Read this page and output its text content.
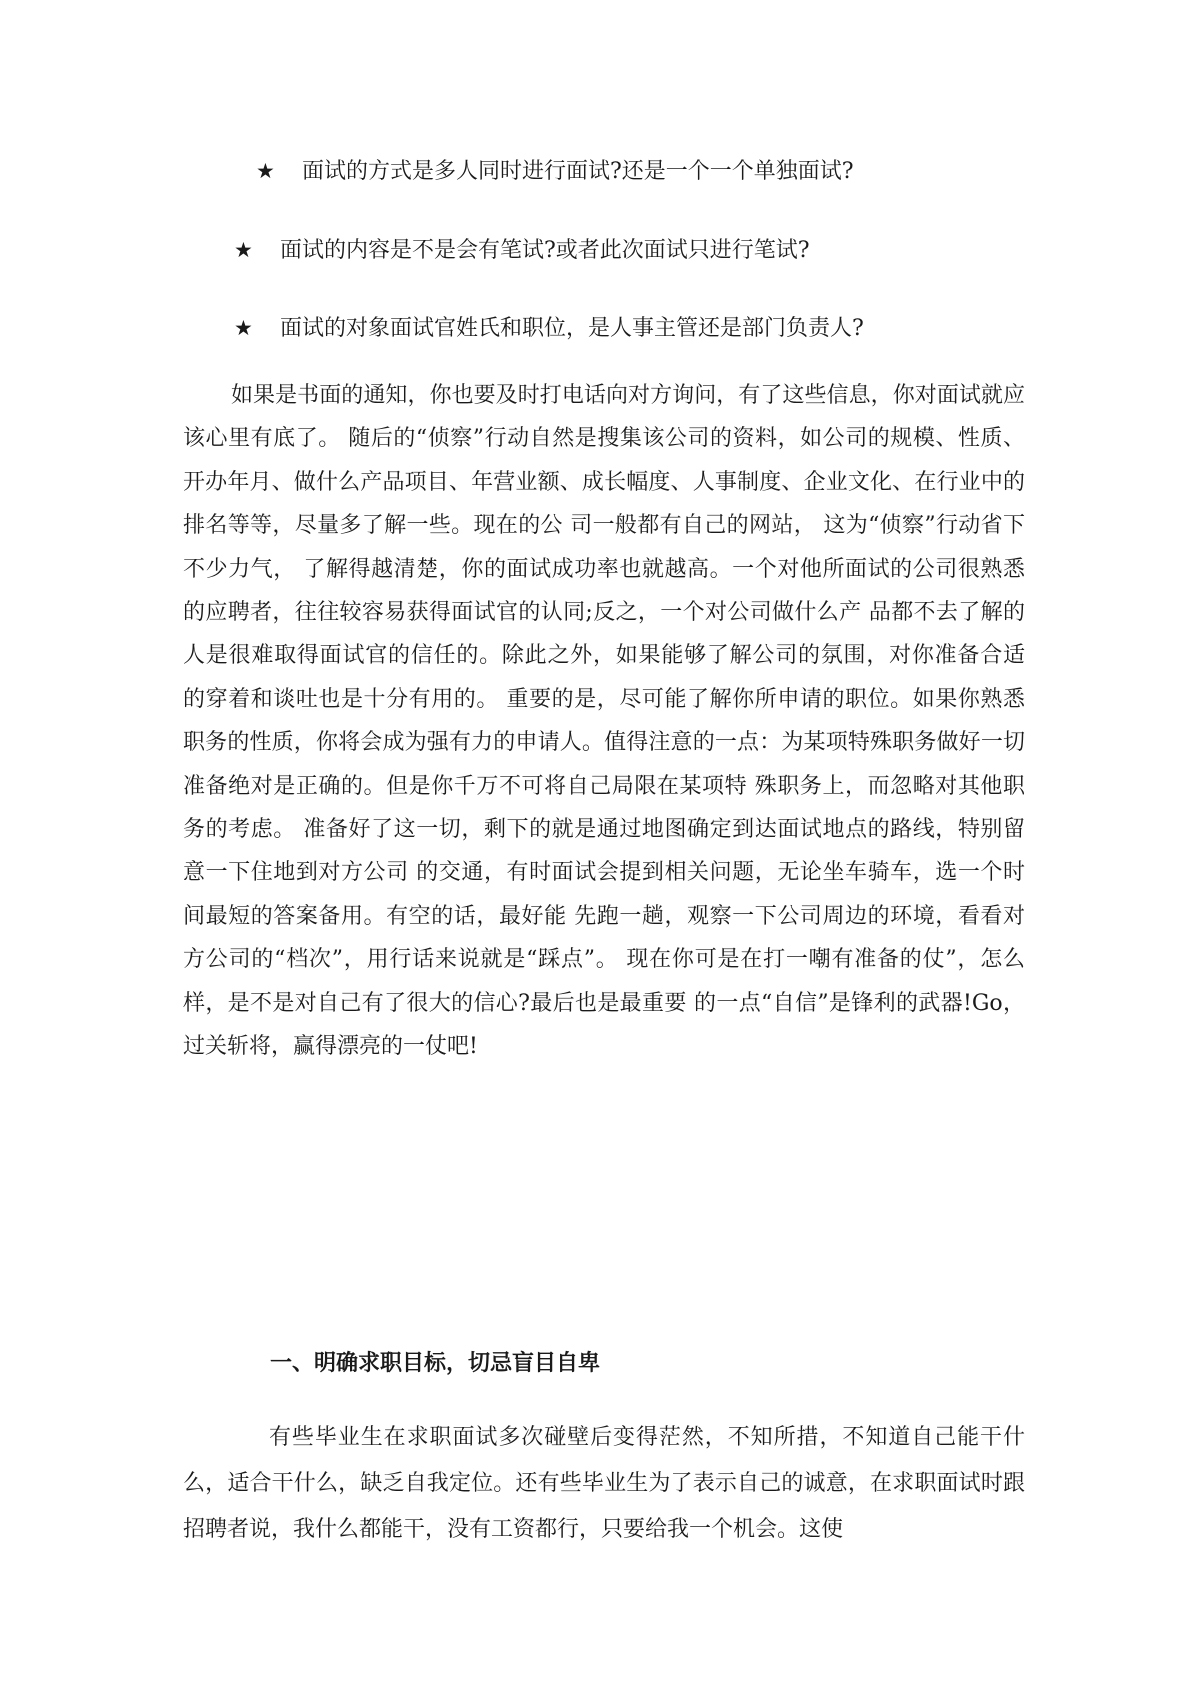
★ 面试的方式是多人同时进行面试?还是一个一个单独面试?
★ 面试的内容是不是会有笔试?或者此次面试只进行笔试?
★ 面试的对象面试官姓氏和职位，是人事主管还是部门负责人?

如果是书面的通知，你也要及时打电话向对方询问，有了这些信息，你对面试就应该心里有底了。 随后的“侦察”行动自然是搜集该公司的资料，如公司的规模、性质、开办年月、做什么产品项目、年营业额、成长幅度、人事制度、企业文化、在行业中的排名等等，尽量多了解一些。现在的公 司一般都有自己的网站， 这为“侦察”行动省下不少力气， 了解得越清楚，你的面试成功率也就越高。一个对他所面试的公司很熟悉的应聘者，往往较容易获得面试官的认同;反之，一个对公司做什么产 品都不去了解的人是很难取得面试官的信任的。除此之外，如果能够了解公司的氛围，对你准备合适 的穿着和谈吐也是十分有用的。 重要的是，尽可能了解你所申请的职位。如果你熟悉职务的性质，你将会成为强有力的申请人。值得注意的一点：为某项特殊职务做好一切准备绝对是正确的。但是你千万不可将自己局限在某项特 殊职务上，而忽略对其他职务的考虑。 准备好了这一切，剩下的就是通过地图确定到达面试地点的路线，特别留意一下住地到对方公司 的交通，有时面试会提到相关问题，无论坐车骑车，选一个时间最短的答案备用。有空的话，最好能 先跑一趟，观察一下公司周边的环境，看看对方公司的“档次”，用行话来说就是“踩点”。 现在你可是在打一嘲有准备的仗”，怎么样，是不是对自己有了很大的信心?最后也是最重要 的一点“自信”是锋利的武器!Go，过关斩将，赢得漂亮的一仗吧!

一、明确求职目标，切忌盲目自卑

有些毕业生在求职面试多次碰壁后变得茫然，不知所措，不知道自己能干什么，适合干什么，缺乏自我定位。还有些毕业生为了表示自己的诚意，在求职面试时跟招聘者说，我什么都能干，没有工资都行，只要给我一个机会。这使
